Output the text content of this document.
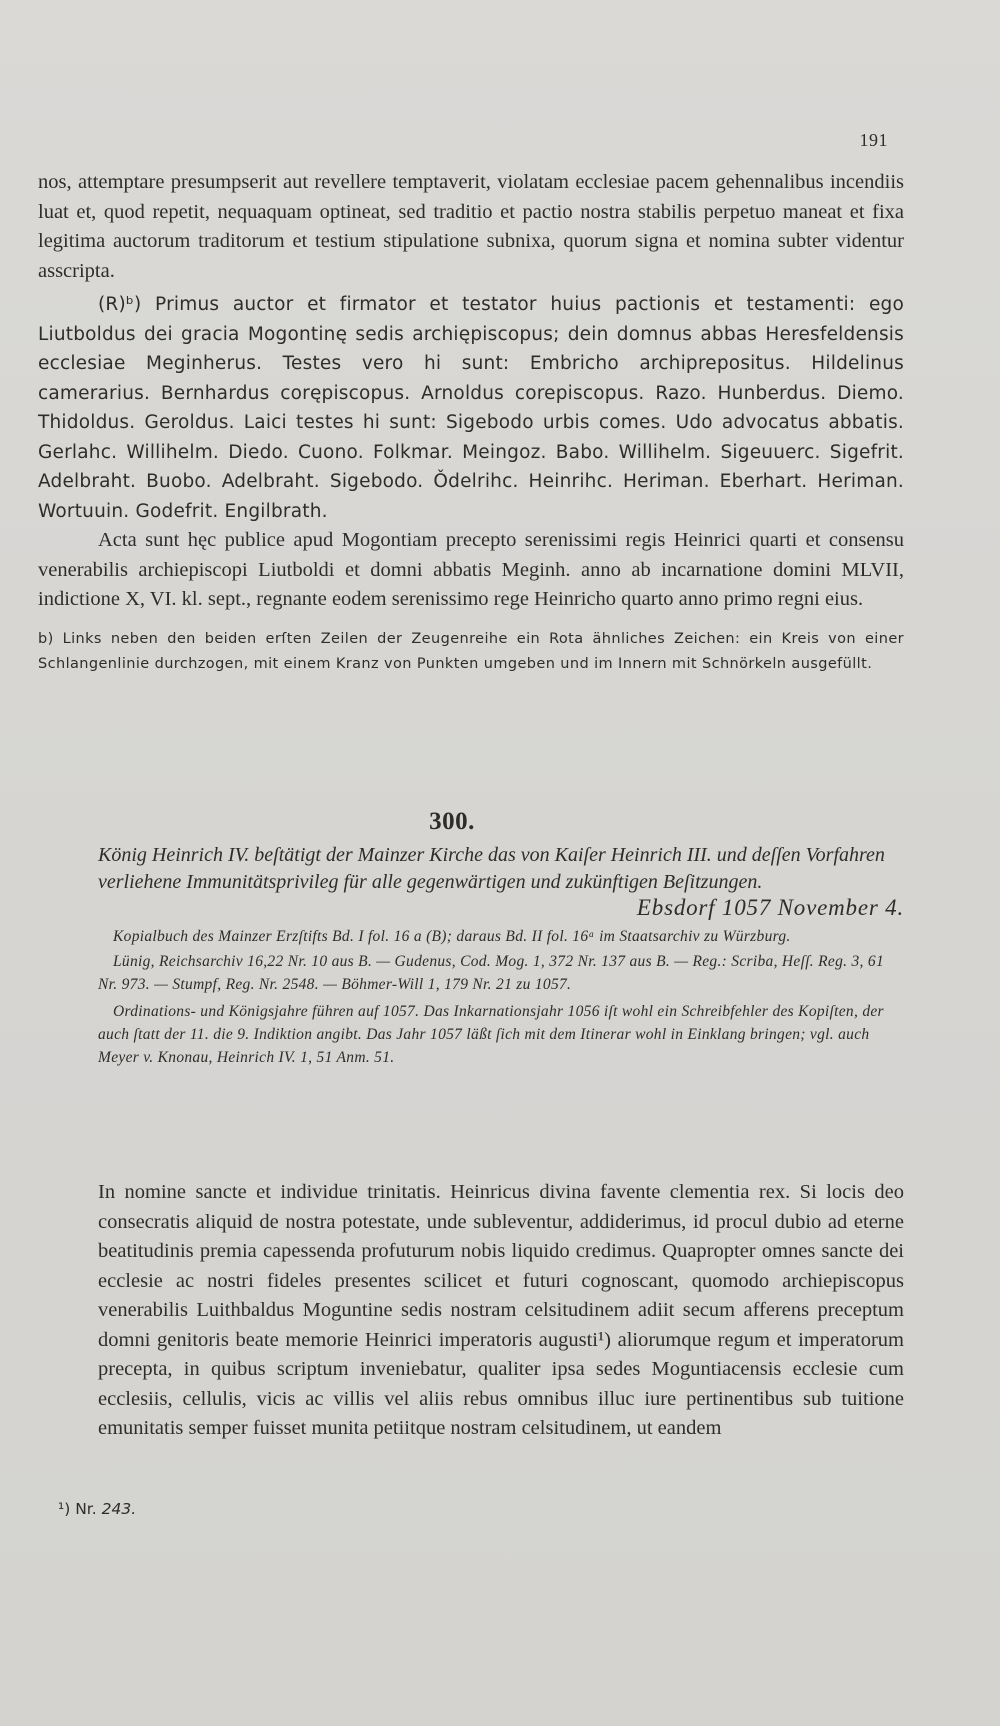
191

nos, attemptare presumpserit aut revellere temptaverit, violatam ecclesiae pacem gehennalibus incendiis luat et, quod repetit, nequaquam optineat, sed traditio et pactio nostra stabilis perpetuo maneat et fixa legitima auctorum traditorum et testium stipulatione subnixa, quorum signa et nomina subter videntur asscripta.

(R)ᵇ) Primus auctor et firmator et testator huius pactionis et testamenti: ego Liutboldus dei gracia Mogontinę sedis archiępiscopus; dein domnus abbas Heresfeldensis ecclesiae Meginherus. Testes vero hi sunt: Embricho archiprepositus. Hildelinus camerarius. Bernhardus corępiscopus. Arnoldus corepiscopus. Razo. Hunberdus. Diemo. Thidoldus. Geroldus. Laici testes hi sunt: Sigebodo urbis comes. Udo advocatus abbatis. Gerlahc. Willihelm. Diedo. Cuono. Folkmar. Meingoz. Babo. Willihelm. Sigeuuerc. Sigefrit. Adelbraht. Buobo. Adelbraht. Sigebodo. Ǒdelrihc. Heinrihc. Heriman. Eberhart. Heriman. Wortuuin. Godefrit. Engilbrath.

Acta sunt hęc publice apud Mogontiam precepto serenissimi regis Heinrici quarti et consensu venerabilis archiepiscopi Liutboldi et domni abbatis Meginh. anno ab incarnatione domini MLVII, indictione X, VI. kl. sept., regnante eodem serenissimo rege Heinricho quarto anno primo regni eius.

b) Links neben den beiden erſten Zeilen der Zeugenreihe ein Rota ähnliches Zeichen: ein Kreis von einer Schlangenlinie durchzogen, mit einem Kranz von Punkten umgeben und im Innern mit Schnörkeln ausgefüllt.

300.
König Heinrich IV. beſtätigt der Mainzer Kirche das von Kaiſer Heinrich III. und deſſen Vorfahren verliehene Immunitätsprivileg für alle gegenwärtigen und zukünftigen Beſitzungen.
Ebsdorf 1057 November 4.

Kopialbuch des Mainzer Erzſtifts Bd. I fol. 16 a (B); daraus Bd. II fol. 16ᵃ im Staatsarchiv zu Würzburg.

Lünig, Reichsarchiv 16,22 Nr. 10 aus B. — Gudenus, Cod. Mog. 1, 372 Nr. 137 aus B. — Reg.: Scriba, Heſſ. Reg. 3, 61 Nr. 973. — Stumpf, Reg. Nr. 2548. — Böhmer-Will 1, 179 Nr. 21 zu 1057.

Ordinations- und Königsjahre führen auf 1057. Das Inkarnationsjahr 1056 iſt wohl ein Schreibfehler des Kopiſten, der auch ſtatt der 11. die 9. Indiktion angibt. Das Jahr 1057 läßt ſich mit dem Itinerar wohl in Einklang bringen; vgl. auch Meyer v. Knonau, Heinrich IV. 1, 51 Anm. 51.

In nomine sancte et individue trinitatis. Heinricus divina favente clementia rex. Si locis deo consecratis aliquid de nostra potestate, unde subleventur, addiderimus, id procul dubio ad eterne beatitudinis premia capessenda profuturum nobis liquido credimus. Quapropter omnes sancte dei ecclesie ac nostri fideles presentes scilicet et futuri cognoscant, quomodo archiepiscopus venerabilis Luithbaldus Moguntine sedis nostram celsitudinem adiit secum afferens preceptum domni genitoris beate memorie Heinrici imperatoris augusti¹) aliorumque regum et imperatorum precepta, in quibus scriptum inveniebatur, qualiter ipsa sedes Moguntiacensis ecclesie cum ecclesiis, cellulis, vicis ac villis vel aliis rebus omnibus illuc iure pertinentibus sub tuitione emunitatis semper fuisset munita petiitque nostram celsitudinem, ut eandem

¹) Nr. 243.
